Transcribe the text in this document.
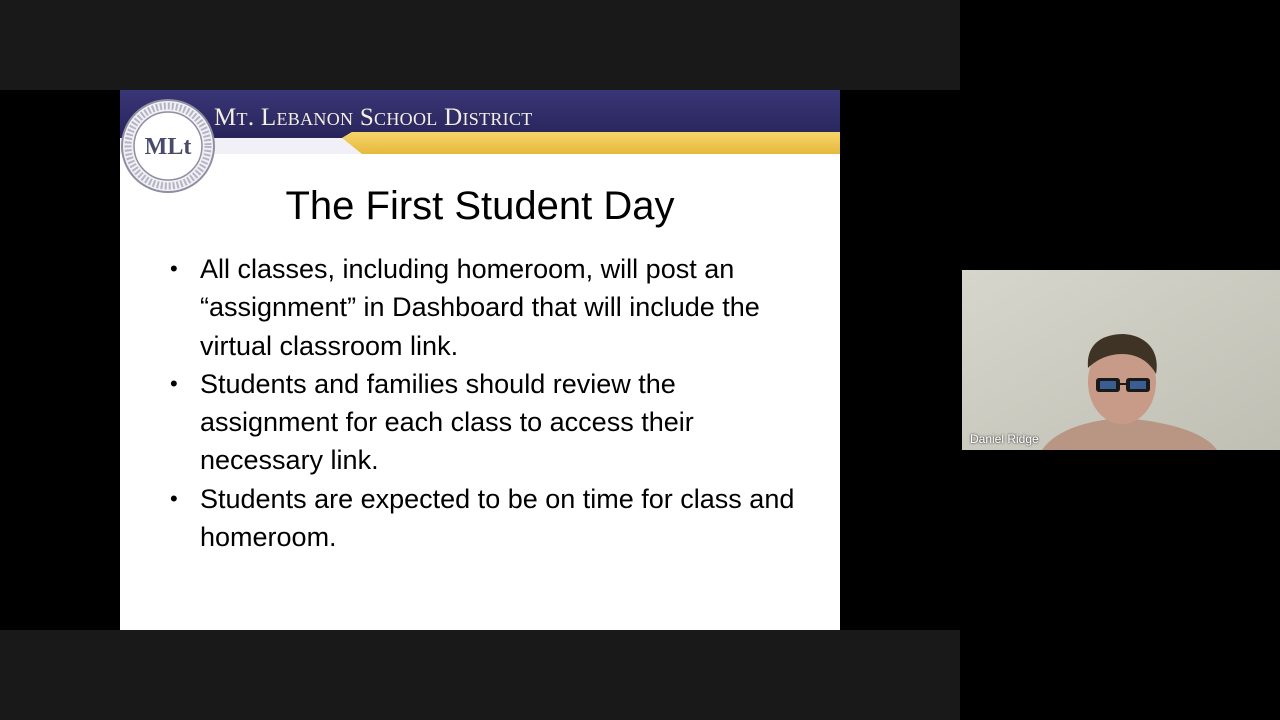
Mt. Lebanon School District
MLt
The First Student Day
• All classes, including homeroom, will post an “assignment” in Dashboard that will include the virtual classroom link.
• Students and families should review the assignment for each class to access their necessary link.
• Students are expected to be on time for class and homeroom.
Daniel Ridge
